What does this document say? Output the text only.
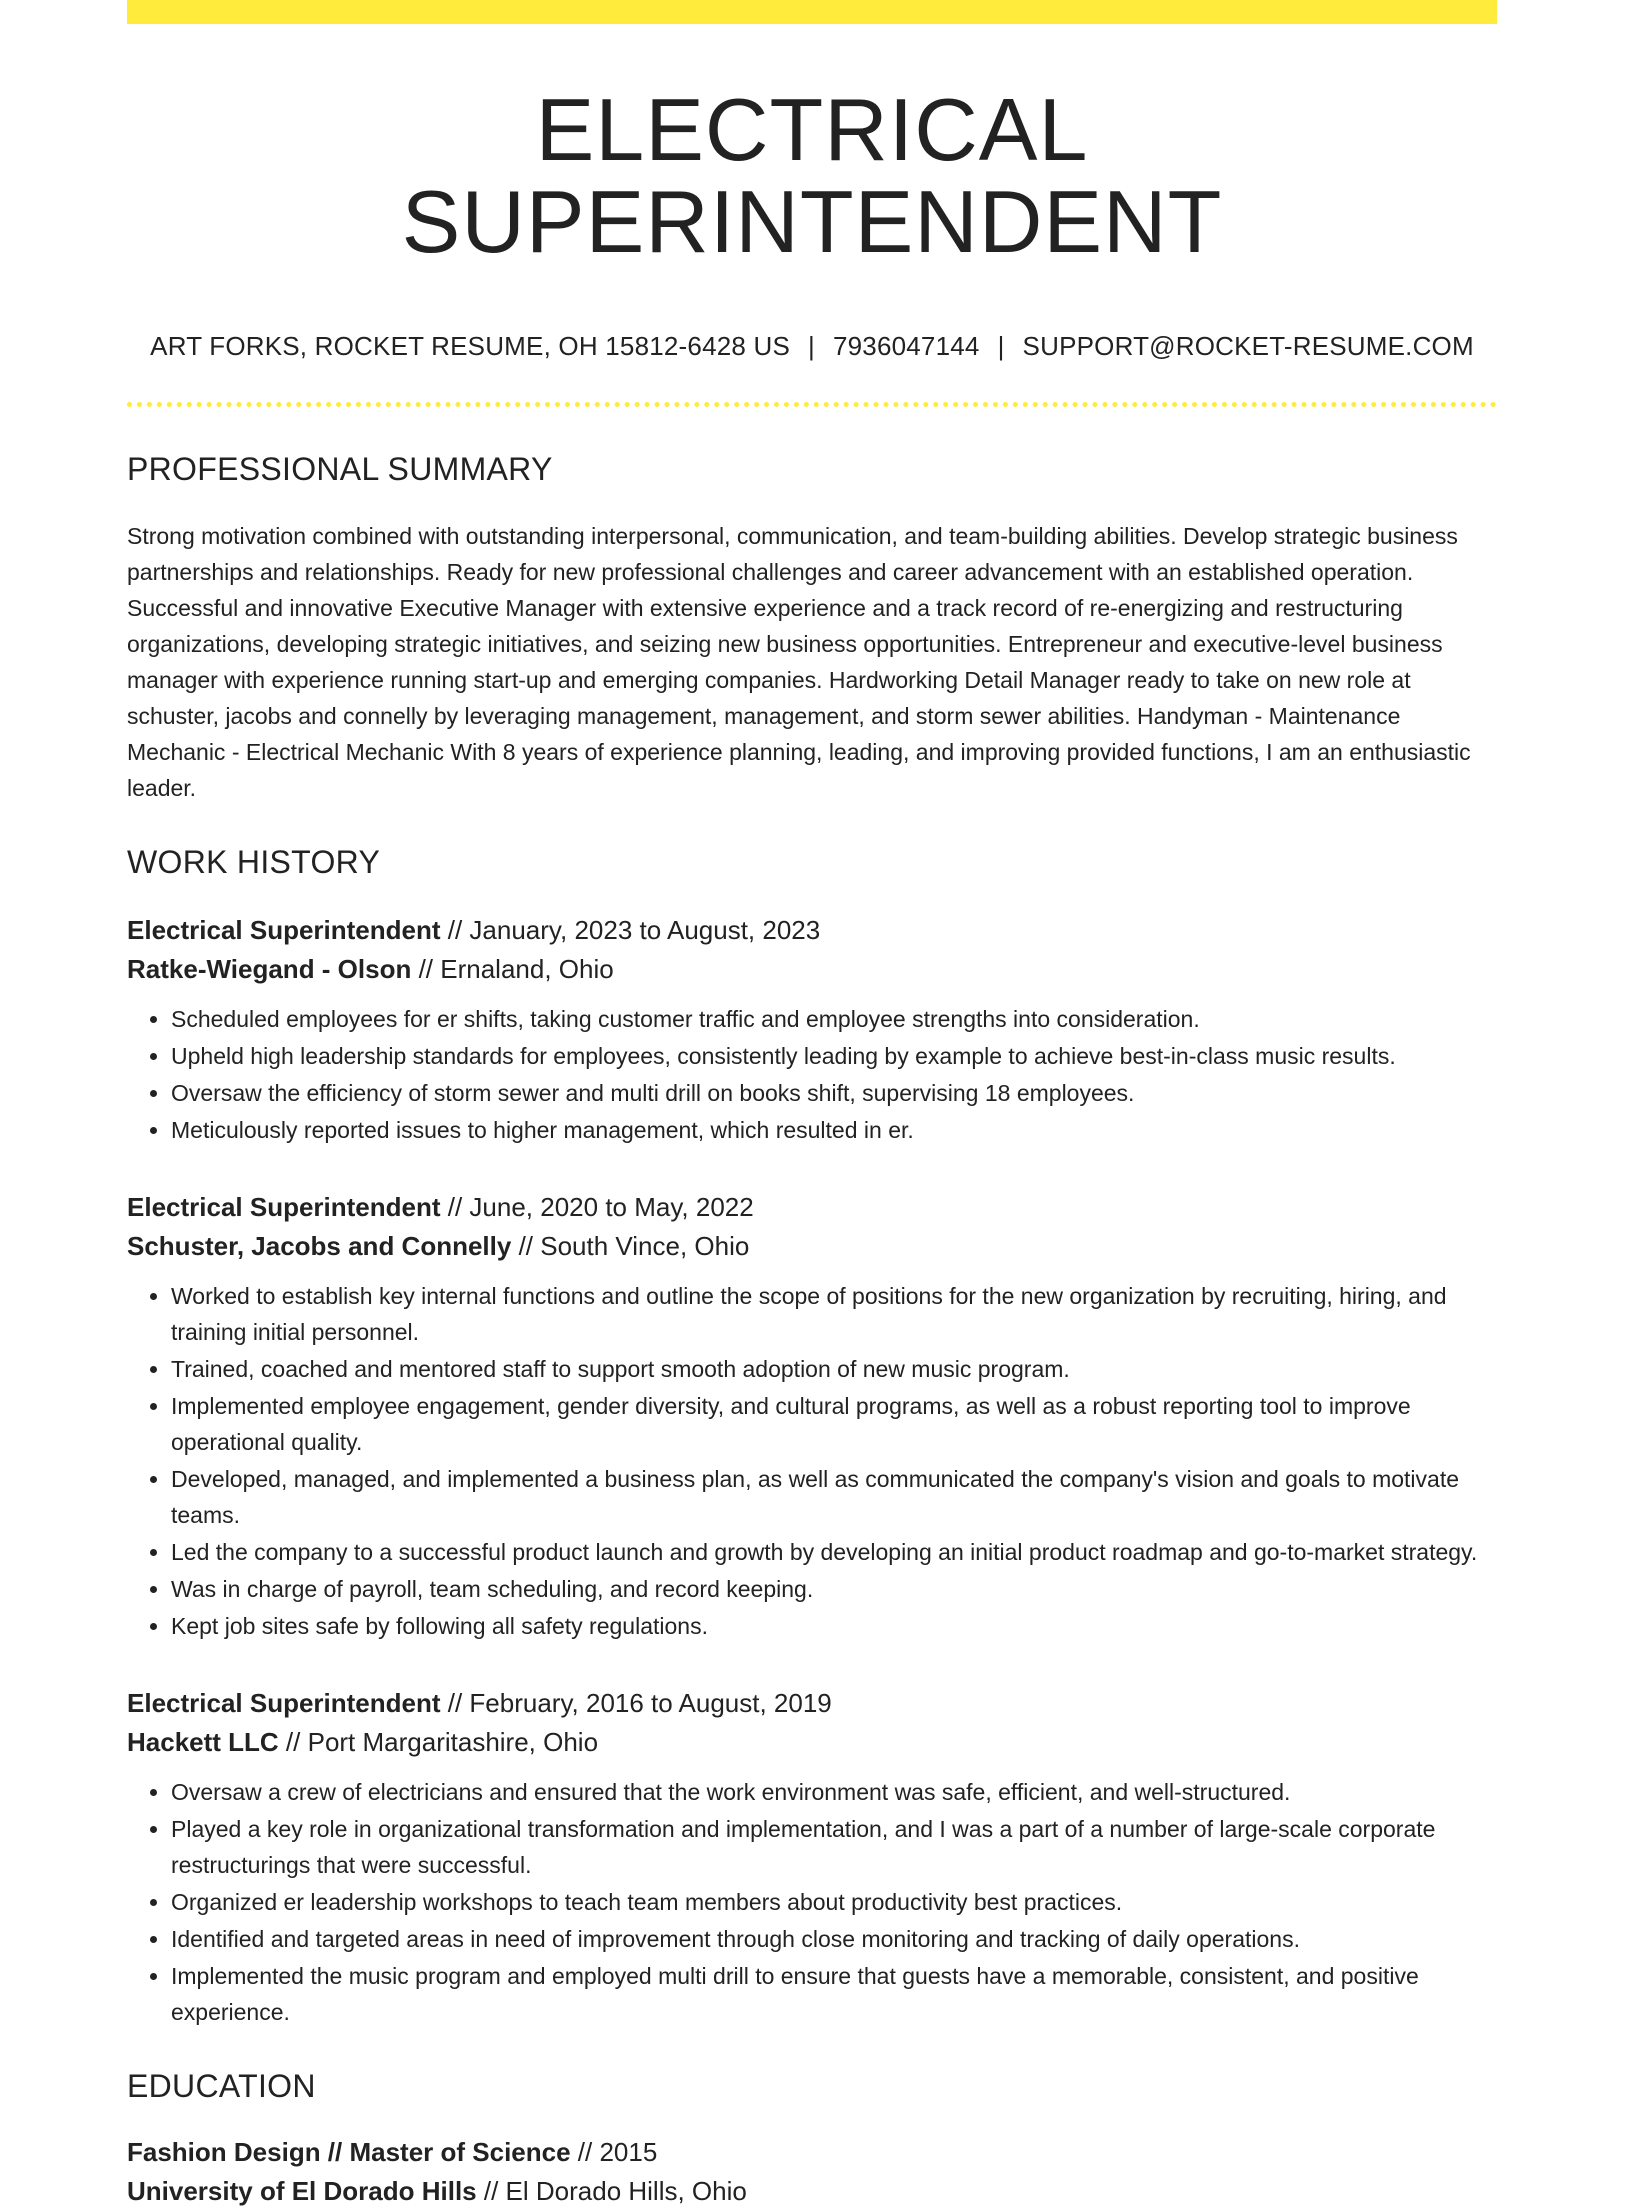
ELECTRICAL SUPERINTENDENT
ART FORKS, ROCKET RESUME, OH 15812-6428 US | 7936047144 | SUPPORT@ROCKET-RESUME.COM
PROFESSIONAL SUMMARY

Strong motivation combined with outstanding interpersonal, communication, and team-building abilities. Develop strategic business partnerships and relationships. Ready for new professional challenges and career advancement with an established operation. Successful and innovative Executive Manager with extensive experience and a track record of re-energizing and restructuring organizations, developing strategic initiatives, and seizing new business opportunities. Entrepreneur and executive-level business manager with experience running start-up and emerging companies. Hardworking Detail Manager ready to take on new role at schuster, jacobs and connelly by leveraging management, management, and storm sewer abilities. Handyman - Maintenance Mechanic - Electrical Mechanic With 8 years of experience planning, leading, and improving provided functions, I am an enthusiastic leader.

WORK HISTORY
Electrical Superintendent // January, 2023 to August, 2023
Ratke-Wiegand - Olson // Ernaland, Ohio
• Scheduled employees for er shifts, taking customer traffic and employee strengths into consideration.
• Upheld high leadership standards for employees, consistently leading by example to achieve best-in-class music results.
• Oversaw the efficiency of storm sewer and multi drill on books shift, supervising 18 employees.
• Meticulously reported issues to higher management, which resulted in er.
Electrical Superintendent // June, 2020 to May, 2022
Schuster, Jacobs and Connelly // South Vince, Ohio
• Worked to establish key internal functions and outline the scope of positions for the new organization by recruiting, hiring, and training initial personnel.
• Trained, coached and mentored staff to support smooth adoption of new music program.
• Implemented employee engagement, gender diversity, and cultural programs, as well as a robust reporting tool to improve operational quality.
• Developed, managed, and implemented a business plan, as well as communicated the company's vision and goals to motivate teams.
• Led the company to a successful product launch and growth by developing an initial product roadmap and go-to-market strategy.
• Was in charge of payroll, team scheduling, and record keeping.
• Kept job sites safe by following all safety regulations.
Electrical Superintendent // February, 2016 to August, 2019
Hackett LLC // Port Margaritashire, Ohio
• Oversaw a crew of electricians and ensured that the work environment was safe, efficient, and well-structured.
• Played a key role in organizational transformation and implementation, and I was a part of a number of large-scale corporate restructurings that were successful.
• Organized er leadership workshops to teach team members about productivity best practices.
• Identified and targeted areas in need of improvement through close monitoring and tracking of daily operations.
• Implemented the music program and employed multi drill to ensure that guests have a memorable, consistent, and positive experience.
EDUCATION
Fashion Design // Master of Science // 2015
University of El Dorado Hills // El Dorado Hills, Ohio
